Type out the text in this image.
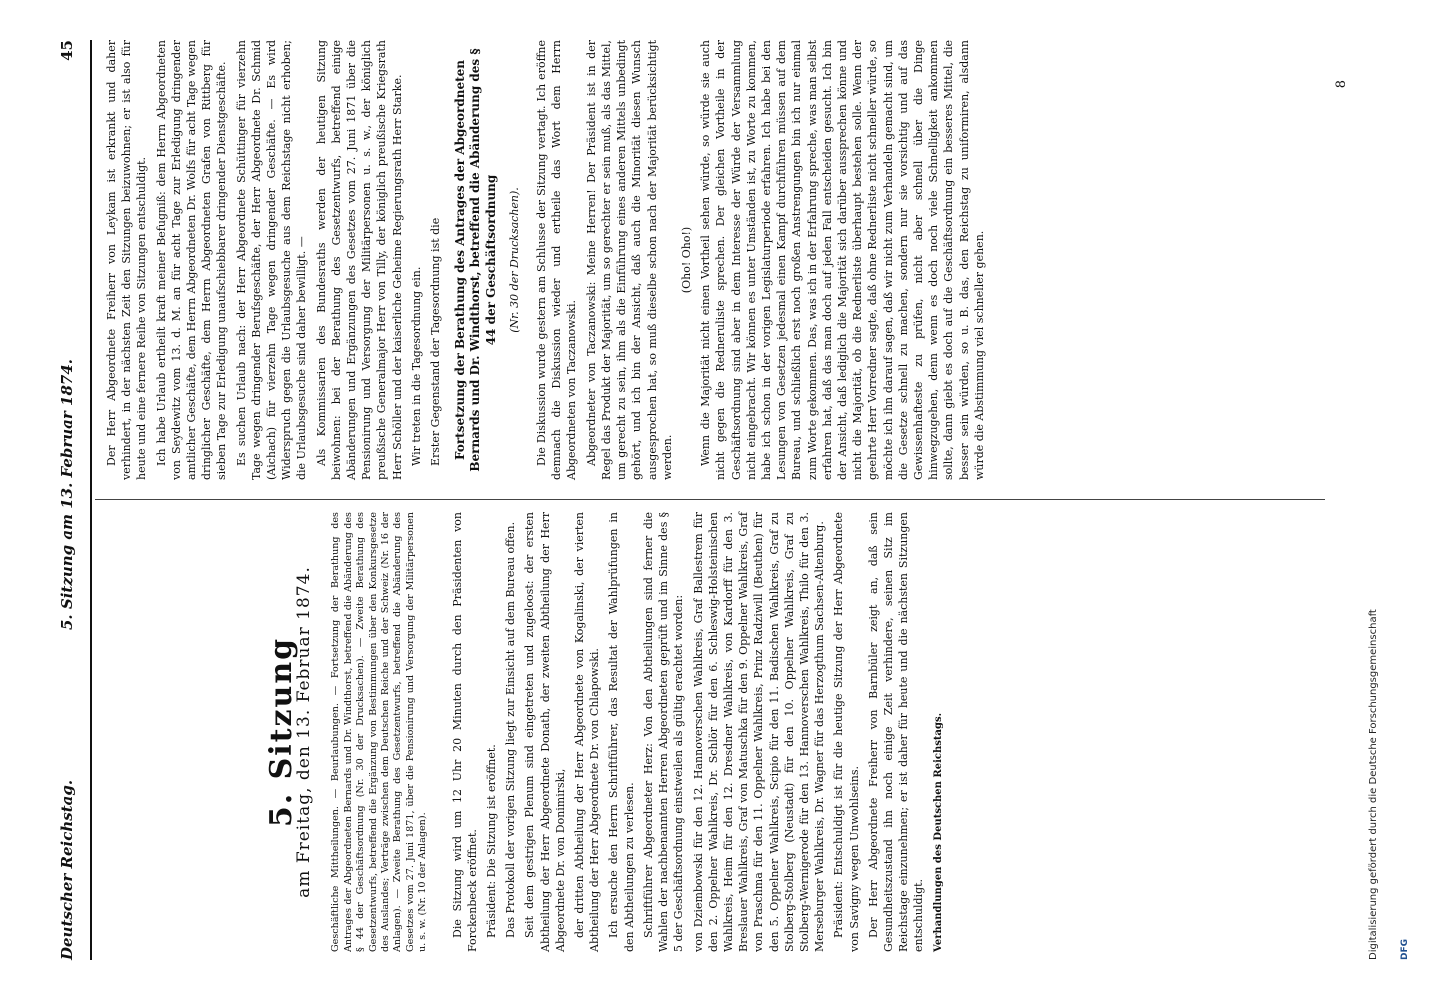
Deutscher Reichstag.
5. Sitzung am 13. Februar 1874.
45
5. Sitzung
am Freitag, den 13. Februar 1874. Geschäftliche Mittheilungen. — Beurlaubungen. — Fortsetzung der Berathung des Antrages der Abgeordneten Bernards und Dr. Windthorst, betreffend die Abänderung des § 44 der Geschäftsordnung (Nr. 30 der Drucksachen). — Zweite Berathung des Gesetzentwurfs, betreffend die Ergänzung von Bestimmungen über den Konkursgesetze des Auslandes; Verträge zwischen dem Deutschen Reiche und der Schweiz (Nr. 16 der Anlagen). — Zweite Berathung des Gesetzentwurfs, betreffend die Abänderung des Gesetzes vom 27. Juni 1871, über die Pensionirung und Versorgung der Militärpersonen u. s. w. (Nr. 10 der Anlagen). Die Sitzung wird um 12 Uhr 20 Minuten durch den Präsidenten von Forckenbeck eröffnet. Präsident: Die Sitzung ist eröffnet. Das Protokoll der vorigen Sitzung liegt zur Einsicht auf dem Bureau offen. Seit dem gestrigen Plenum sind eingetreten und zugeloost: der ersten Abtheilung der Herr Abgeordnete Donath, der zweiten Abtheilung der Herr Abgeordnete Dr. von Donimirski, der dritten Abtheilung der Herr Abgeordnete von Kogalinski, der vierten Abtheilung der Herr Abgeordnete Dr. von Chlapowski. Ich ersuche den Herrn Schriftführer, das Resultat der Wahlprüfungen in den Abtheilungen zu verlesen. Schriftführer Abgeordneter Herz: Von den Abtheilungen sind ferner die Wahlen der nachbenannten Herren Abgeordneten geprüft und im Sinne des § 5 der Geschäftsordnung einstweilen als gültig erachtet worden: von Dziembowski für den 12. Hannoverschen Wahlkreis, Graf Ballestrem für den 2. Oppelner Wahlkreis, Dr. Schlör für den 6. Schleswig-Holsteinischen Wahlkreis, Heim für den 12. Dresdner Wahlkreis, von Kardorff für den 3. Breslauer Wahlkreis, Graf von Matuschka für den 9. Oppelner Wahlkreis, Graf von Praschma für den 11. Oppelner Wahlkreis, Prinz Radziwill (Beuthen) für den 5. Oppelner Wahlkreis, Scipio für den 11. Badischen Wahlkreis, Graf zu Stolberg-Stolberg (Neustadt) für den 10. Oppelner Wahlkreis, Graf zu Stolberg-Wernigerode für den 13. Hannoverschen Wahlkreis, Thilo für den 3. Merseburger Wahlkreis, Dr. Wagner für das Herzogthum Sachsen-Altenburg. Präsident: Entschuldigt ist für die heutige Sitzung der Herr Abgeordnete von Savigny wegen Unwohlseins. Der Herr Abgeordnete Freiherr von Barnbüler zeigt an, daß sein Gesundheitszustand ihn noch einige Zeit verhindere, seinen Sitz im Reichstage einzunehmen; er ist daher für heute und die nächsten Sitzungen entschuldigt. Verhandlungen des Deutschen Reichstags.

Der Herr Abgeordnete Freiherr von Leykam ist erkrankt und daher verhindert, in der nächsten Zeit den Sitzungen beizuwohnen; er ist also für heute und eine fernere Reihe von Sitzungen entschuldigt. Ich habe Urlaub ertheilt kraft meiner Befugniß: dem Herrn Abgeordneten von Seydewitz vom 13. d. M. an für acht Tage zur Erledigung dringender amtlicher Geschäfte, dem Herrn Abgeordneten Dr. Wolfs für acht Tage wegen dringlicher Geschäfte, dem Herrn Abgeordneten Grafen von Rittberg für sieben Tage zur Erledigung unaufschiebbarer dringender Dienstgeschäfte. Es suchen Urlaub nach: der Herr Abgeordnete Schüttinger für vierzehn Tage wegen dringender Berufsgeschäfte, der Herr Abgeordnete Dr. Schmid (Aichach) für vierzehn Tage wegen dringender Geschäfte. — Es wird Widerspruch gegen die Urlaubsgesuche aus dem Reichstage nicht erhoben; die Urlaubsgesuche sind daher bewilligt. — Als Kommissarien des Bundesraths werden der heutigen Sitzung beiwohnen: bei der Berathung des Gesetzentwurfs, betreffend einige Abänderungen und Ergänzungen des Gesetzes vom 27. Juni 1871 über die Pensionirung und Versorgung der Militärpersonen u. s. w., der königlich preußische Generalmajor Herr von Tilly, der königlich preußische Kriegsrath Herr Schöller und der kaiserliche Geheime Regierungsrath Herr Starke. Wir treten in die Tagesordnung ein. Erster Gegenstand der Tagesordnung ist die Fortsetzung der Berathung des Antrages der Abgeordneten Bernards und Dr. Windthorst, betreffend die Abänderung des § 44 der Geschäftsordnung (Nr. 30 der Drucksachen). Die Diskussion wurde gestern am Schlusse der Sitzung vertagt. Ich eröffne demnach die Diskussion wieder und ertheile das Wort dem Herrn Abgeordneten von Taczanowski. Abgeordneter von Taczanowski: Meine Herren! Der Präsident ist in der Regel das Produkt der Majorität, um so gerechter er sein muß, als das Mittel, um gerecht zu sein, ihm als die Einführung eines anderen Mittels unbedingt gehört, und ich bin der Ansicht, daß auch die Minorität diesen Wunsch ausgesprochen hat, so muß dieselbe schon nach der Majorität berücksichtigt werden.

(Oho! Oho!) Wenn die Majorität nicht einen Vortheil sehen würde, so würde sie auch nicht gegen die Redneruliste sprechen. Der gleichen Vortheile in der Geschäftsordnung sind aber in dem Interesse der Würde der Versammlung nicht eingebracht. Wir können es unter Umständen ist, zu Worte zu kommen, habe ich schon in der vorigen Legislaturperiode erfahren. Ich habe bei den Lesungen von Gesetzen jedesmal einen Kampf durchführen müssen auf dem Bureau, und schließlich erst noch großen Anstrengungen bin ich nur einmal zum Worte gekommen. Das, was ich in der Erfahrung spreche, was man selbst erfahren hat, daß das man doch auf jeden Fall entscheiden gesucht. Ich bin der Ansicht, daß lediglich die Majorität sich darüber aussprechen könne und nicht die Majorität, ob die Rednerliste überhaupt bestehen solle. Wenn der geehrte Herr Vorredner sagte, daß ohne Rednerliste nicht schneller würde, so möchte ich ihn darauf sagen, daß wir nicht zum Verhandeln gemacht sind, um die Gesetze schnell zu machen, sondern nur sie vorsichtig und auf das Gewissenhafteste zu prüfen, nicht aber schnell über die Dinge hinwegzugehen, denn wenn es doch noch viele Schnelligkeit ankommen sollte, dann giebt es doch auf die Geschäftsordnung ein besseres Mittel, die besser sein würden, so u. B. das, den Reichstag zu uniformiren, alsdann würde die Abstimmung viel schneller gehen.

8
Digitalisierung gefördert durch die Deutsche Forschungsgemeinschaft DFG
